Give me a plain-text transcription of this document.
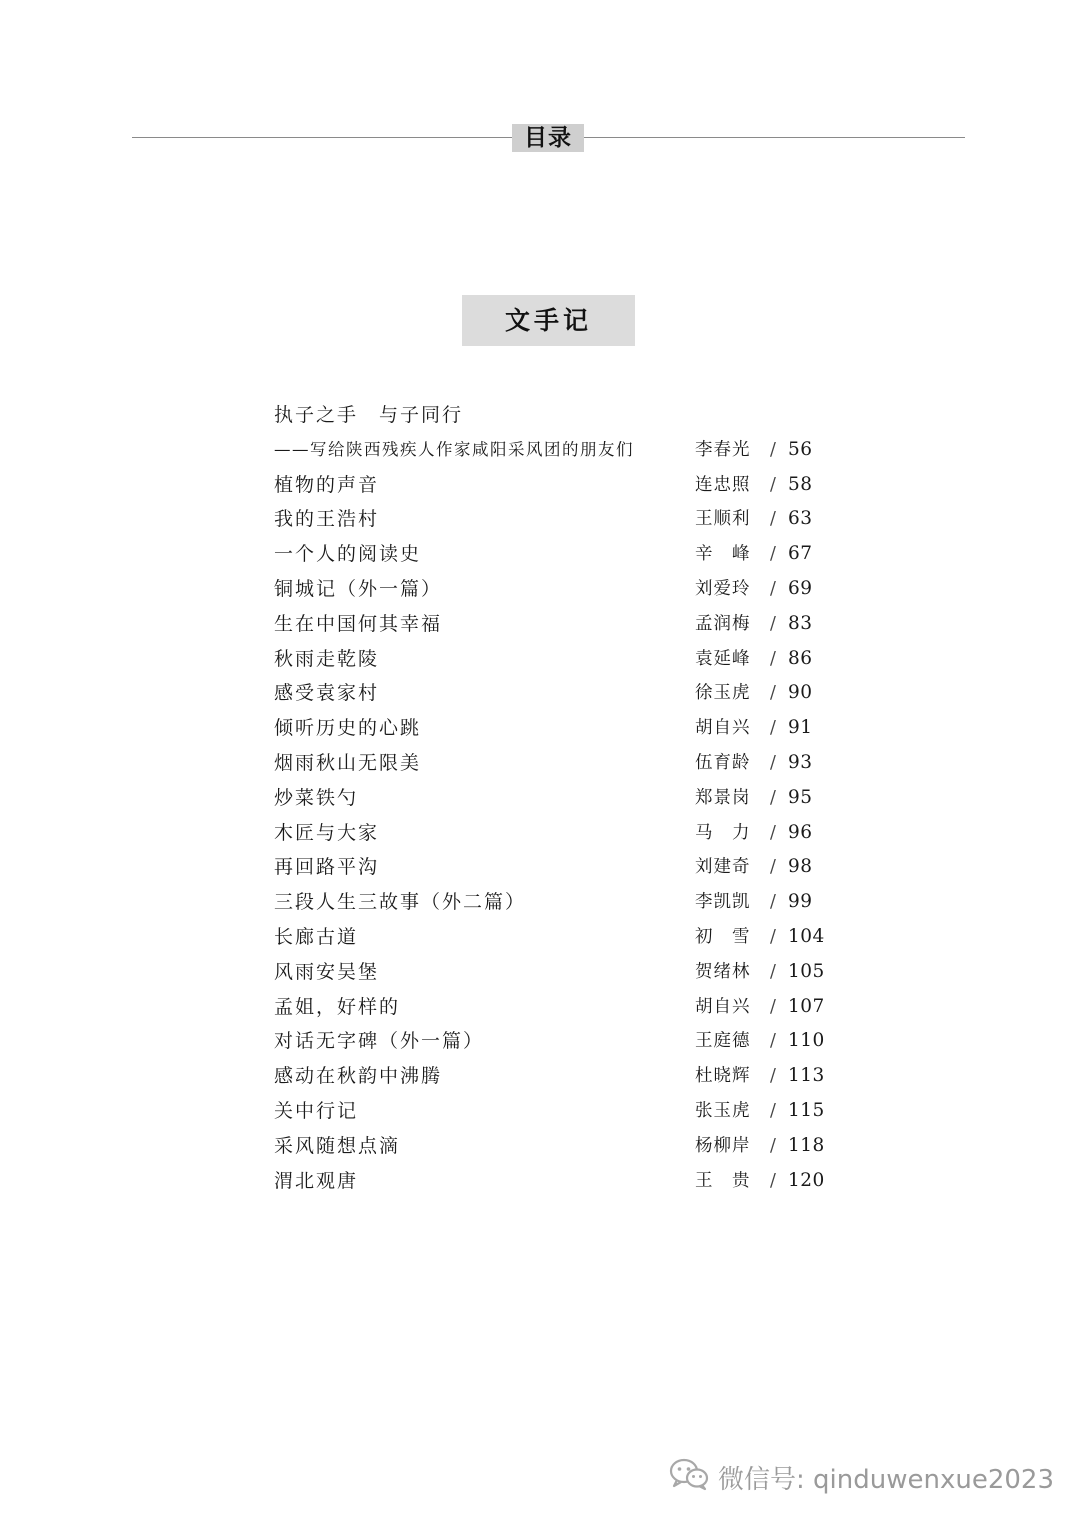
目录
文手记
执子之手　与子同行
——写给陕西残疾人作家咸阳采风团的朋友们	李春光 / 56
植物的声音	连忠照 / 58
我的王浩村	王顺利 / 63
一个人的阅读史	辛　峰 / 67
铜城记（外一篇）	刘爱玲 / 69
生在中国何其幸福	孟润梅 / 83
秋雨走乾陵	袁延峰 / 86
感受袁家村	徐玉虎 / 90
倾听历史的心跳	胡自兴 / 91
烟雨秋山无限美	伍育龄 / 93
炒菜铁勺	郑景岗 / 95
木匠与大家	马　力 / 96
再回路平沟	刘建奇 / 98
三段人生三故事（外二篇）	李凯凯 / 99
长廊古道	初　雪 / 104
风雨安吴堡	贺绪林 / 105
孟姐，好样的	胡自兴 / 107
对话无字碑（外一篇）	王庭德 / 110
感动在秋韵中沸腾	杜晓辉 / 113
关中行记	张玉虎 / 115
采风随想点滴	杨柳岸 / 118
渭北观唐	王　贵 / 120
微信号: qinduwenxue2023
